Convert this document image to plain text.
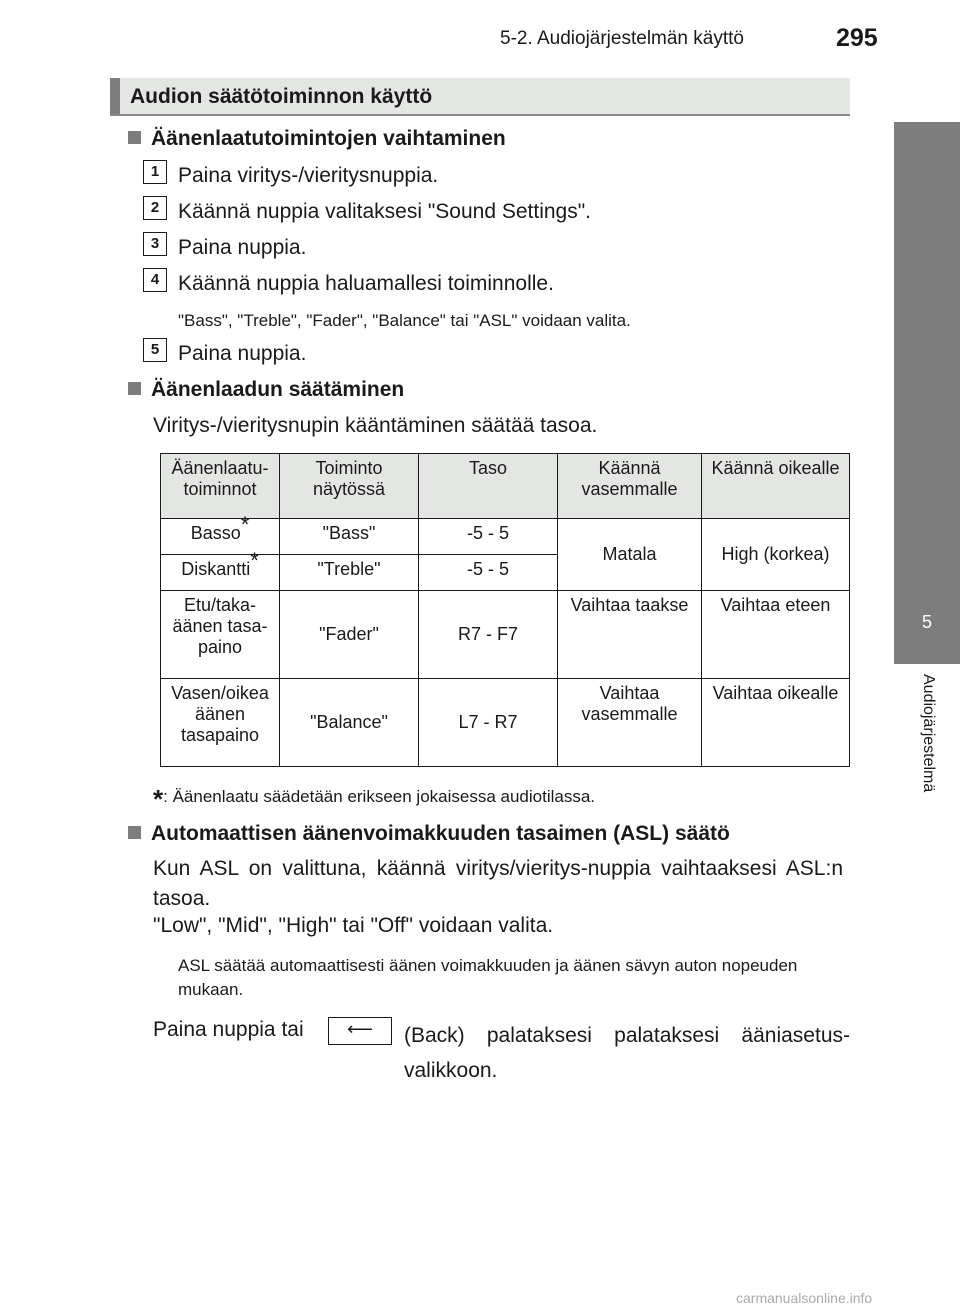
5-2. Audiojärjestelmän käyttö	295
5
Audiojärjestelmä
Audion säätötoiminnon käyttö
Äänenlaatutoimintojen vaihtaminen
1 Paina viritys-/vieritysnuppia.
2 Käännä nuppia valitaksesi "Sound Settings".
3 Paina nuppia.
4 Käännä nuppia haluamallesi toiminnolle.
"Bass", "Treble", "Fader", "Balance" tai "ASL" voidaan valita.
5 Paina nuppia.
Äänenlaadun säätäminen
Viritys-/vieritysnupin kääntäminen säätää tasoa.
Äänenlaatu-toiminnot	Toiminto näytössä	Taso	Käännä vasemmalle	Käännä oikealle
Basso*	"Bass"	-5 - 5	Matala	High (korkea)
Diskantti*	"Treble"	-5 - 5		
Etu/taka-äänen tasa-paino	"Fader"	R7 - F7	Vaihtaa taakse	Vaihtaa eteen
Vasen/oikea äänen tasapaino	"Balance"	L7 - R7	Vaihtaa vasemmalle	Vaihtaa oikealle
*: Äänenlaatu säädetään erikseen jokaisessa audiotilassa.
Automaattisen äänenvoimakkuuden tasaimen (ASL) säätö
Kun ASL on valittuna, käännä viritys/vieritys-nuppia vaihtaaksesi ASL:n tasoa.
"Low", "Mid", "High" tai "Off" voidaan valita.
ASL säätää automaattisesti äänen voimakkuuden ja äänen sävyn auton nopeuden mukaan.
Paina nuppia tai	⟵	(Back) palataksesi palataksesi ääniasetus-valikkoon.
carmanualsonline.info
